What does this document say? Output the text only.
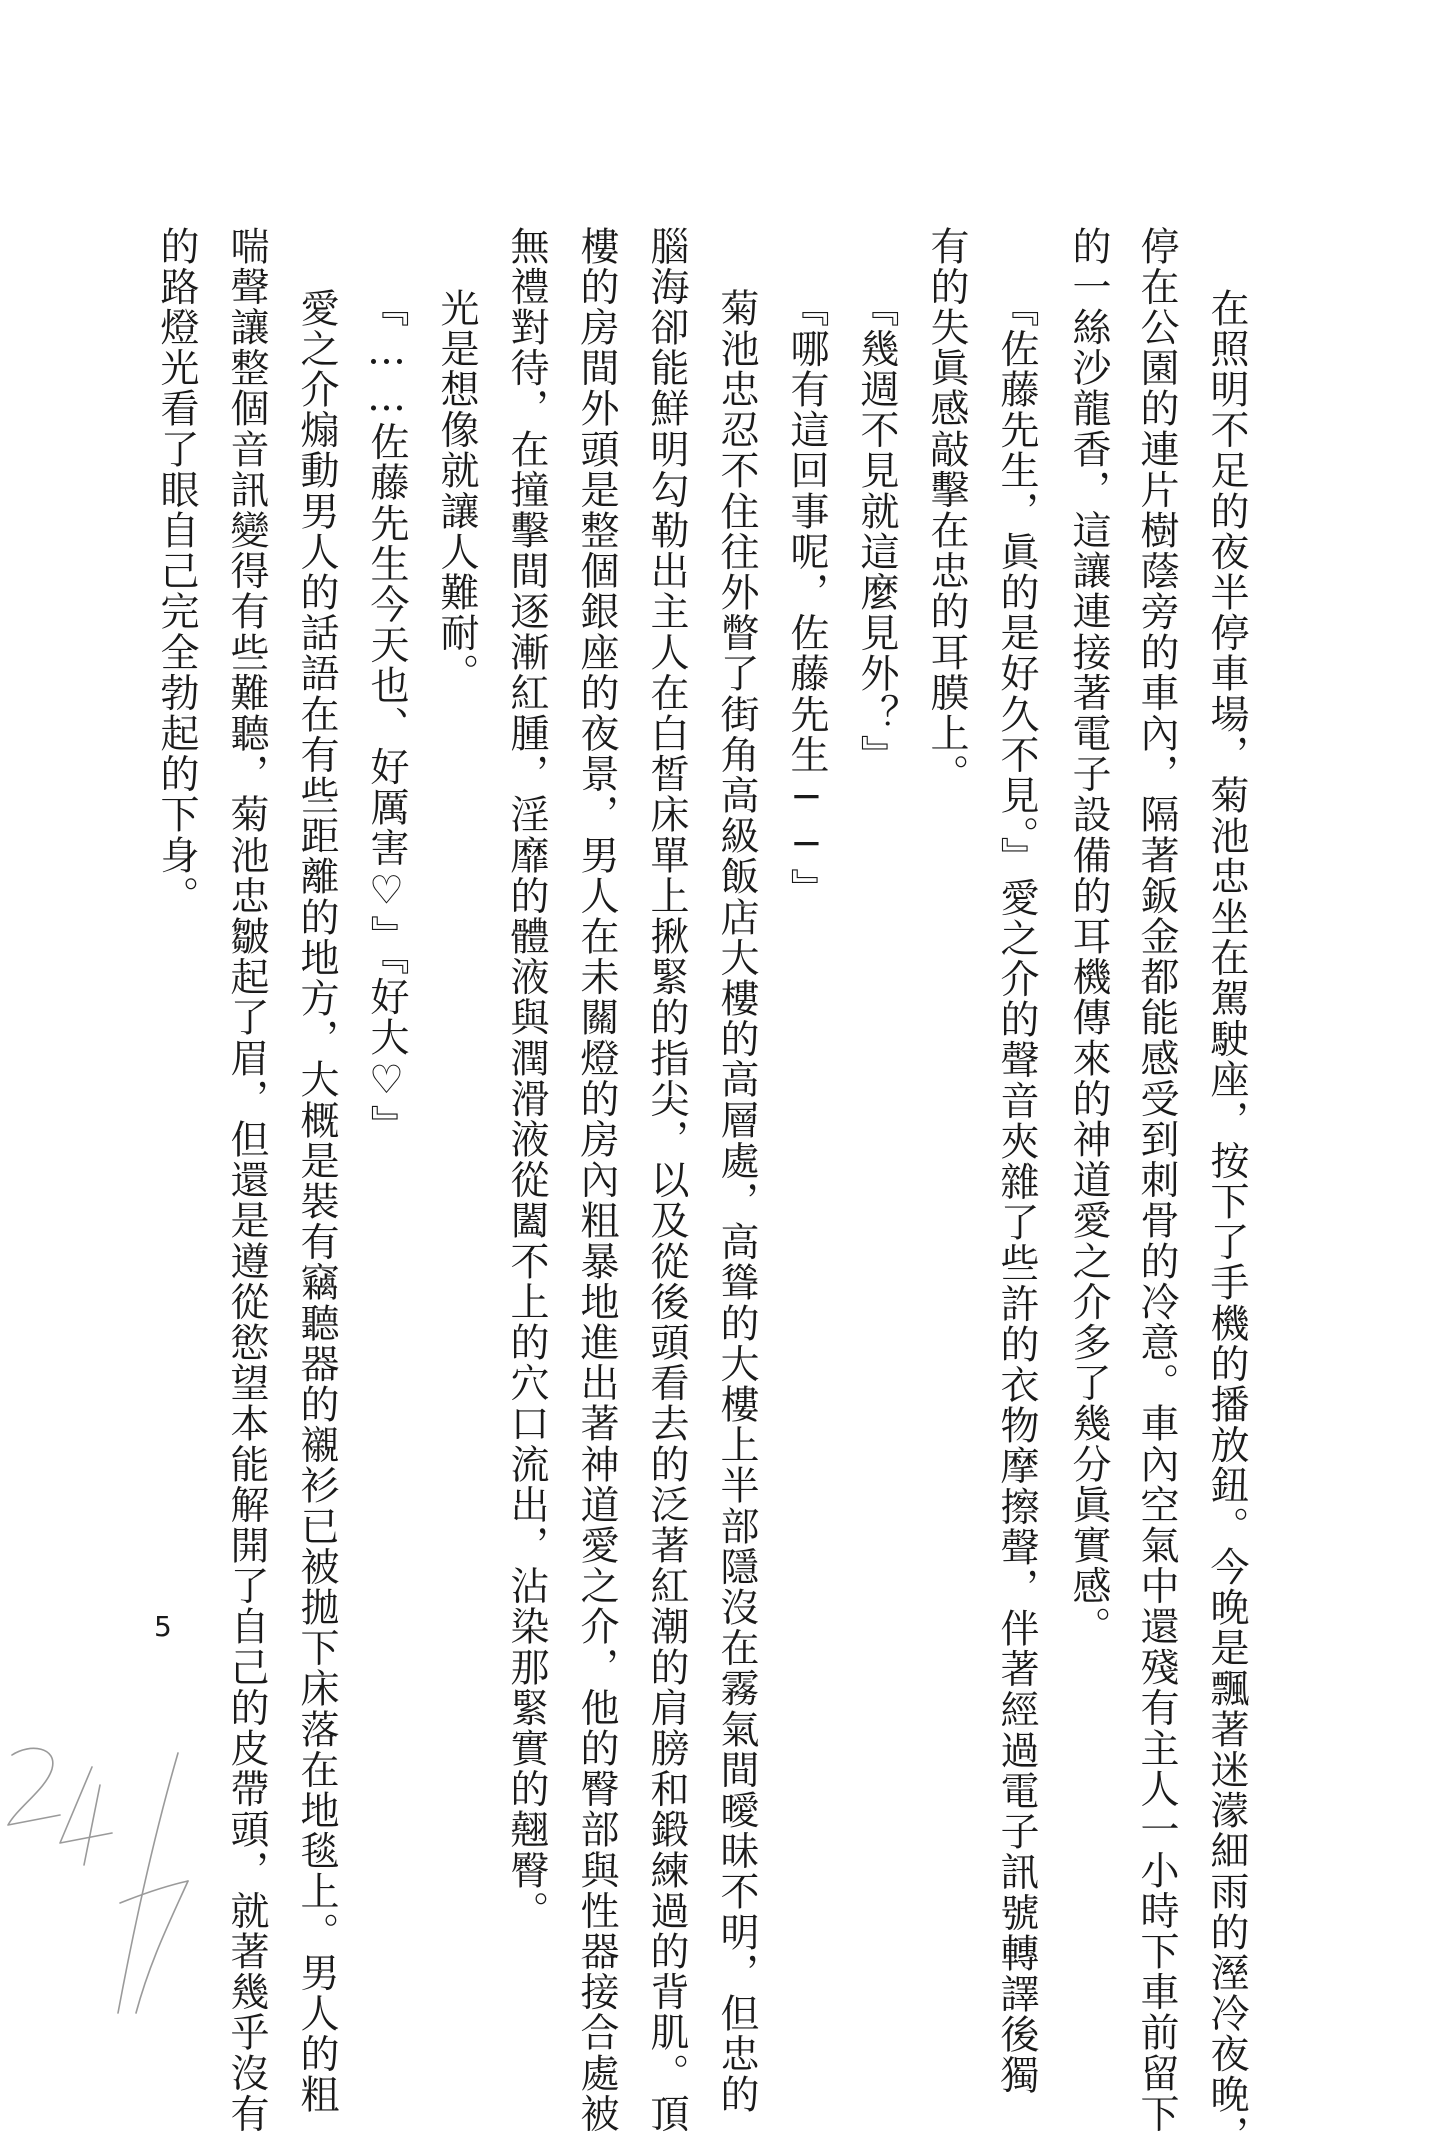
在照明不足的夜半停車場，菊池忠坐在駕駛座，按下了手機的播放鈕。今晚是飄著迷濛細雨的溼冷夜晚，
停在公園的連片樹蔭旁的車內，隔著鈑金都能感受到刺骨的冷意。車內空氣中還殘有主人一小時下車前留下
的一絲沙龍香，這讓連接著電子設備的耳機傳來的神道愛之介多了幾分眞實感。
『佐藤先生，眞的是好久不見。』愛之介的聲音夾雜了些許的衣物摩擦聲，伴著經過電子訊號轉譯後獨
有的失眞感敲擊在忠的耳膜上。
『幾週不見就這麼見外？』
『哪有這回事呢，佐藤先生──』
菊池忠忍不住往外瞥了街角高級飯店大樓的高層處，高聳的大樓上半部隱沒在霧氣間曖昧不明，但忠的
腦海卻能鮮明勾勒出主人在白皙床單上揪緊的指尖，以及從後頭看去的泛著紅潮的肩膀和鍛練過的背肌。頂
樓的房間外頭是整個銀座的夜景，男人在未關燈的房內粗暴地進出著神道愛之介，他的臀部與性器接合處被
無禮對待，在撞擊間逐漸紅腫，淫靡的體液與潤滑液從闔不上的穴口流出，沾染那緊實的翹臀。
光是想像就讓人難耐。
『……佐藤先生今天也、好厲害♡』『好大♡』
愛之介煽動男人的話語在有些距離的地方，大概是裝有竊聽器的襯衫已被拋下床落在地毯上。男人的粗
喘聲讓整個音訊變得有些難聽，菊池忠皺起了眉，但還是遵從慾望本能解開了自己的皮帶頭，就著幾乎沒有
的路燈光看了眼自己完全勃起的下身。
5
